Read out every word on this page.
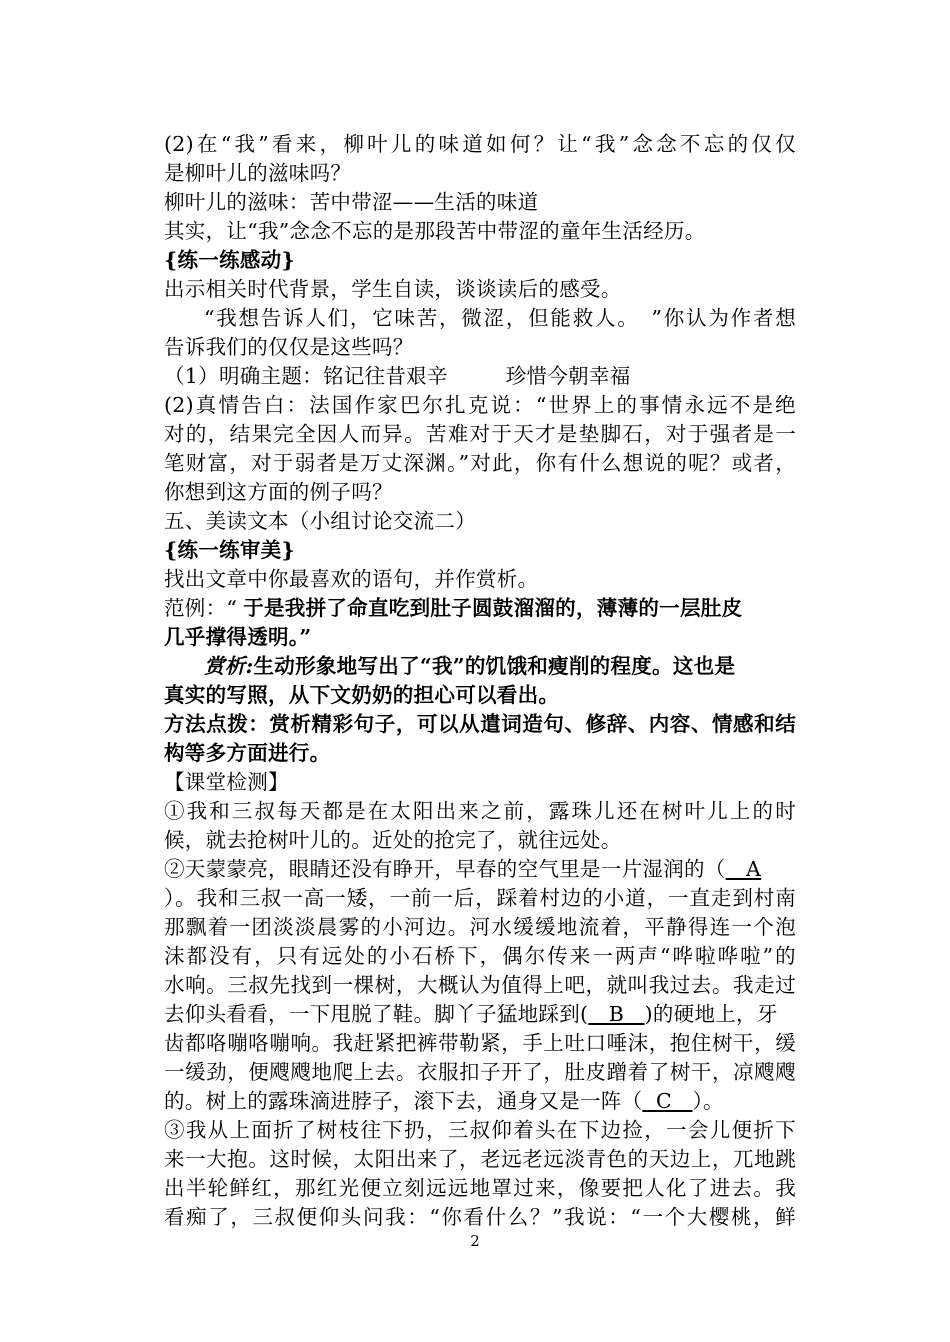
(2)在“我”看来，柳叶儿的味道如何？让“我”念念不忘的仅仅
是柳叶儿的滋味吗？
柳叶儿的滋味：苦中带涩——生活的味道
其实，让“我”念念不忘的是那段苦中带涩的童年生活经历。
{练一练感动}
出示相关时代背景，学生自读，谈谈读后的感受。
“我想告诉人们，它味苦，微涩，但能救人。　”你认为作者想
告诉我们的仅仅是这些吗？
（1）明确主题：铭记往昔艰辛	珍惜今朝幸福
(2)真情告白：法国作家巴尔扎克说：“世界上的事情永远不是绝
对的，结果完全因人而异。苦难对于天才是垫脚石，对于强者是一
笔财富，对于弱者是万丈深渊。”对此，你有什么想说的呢？或者，
你想到这方面的例子吗？
五、美读文本（小组讨论交流二）
{练一练审美}
找出文章中你最喜欢的语句，并作赏析。
范例：“ 于是我拼了命直吃到肚子圆鼓溜溜的，薄薄的一层肚皮
几乎撑得透明。”
赏析:生动形象地写出了“我”的饥饿和瘦削的程度。这也是
真实的写照，从下文奶奶的担心可以看出。
方法点拨：赏析精彩句子，可以从遣词造句、修辞、内容、情感和结
构等多方面进行。
【课堂检测】
①我和三叔每天都是在太阳出来之前，露珠儿还在树叶儿上的时
候，就去抢树叶儿的。近处的抢完了，就往远处。
②天蒙蒙亮，眼睛还没有睁开，早春的空气里是一片湿润的（   A
）。我和三叔一高一矮，一前一后，踩着村边的小道，一直走到村南
那飘着一团淡淡晨雾的小河边。河水缓缓地流着，平静得连一个泡
沫都没有，只有远处的小石桥下，偶尔传来一两声“哗啦哗啦”的
水响。三叔先找到一棵树，大概认为值得上吧，就叫我过去。我走过
去仰头看看，一下甩脱了鞋。脚丫子猛地踩到(   B   )的硬地上，牙
齿都咯嘣咯嘣响。我赶紧把裤带勒紧，手上吐口唾沫，抱住树干，缓
一缓劲，便飕飕地爬上去。衣服扣子开了，肚皮蹭着了树干，凉飕飕
的。树上的露珠滴进脖子，滚下去，通身又是一阵（  C   ）。
③我从上面折了树枝往下扔，三叔仰着头在下边捡，一会儿便折下
来一大抱。这时候，太阳出来了，老远老远淡青色的天边上，兀地跳
出半轮鲜红，那红光便立刻远远地罩过来，像要把人化了进去。我
看痴了，三叔便仰头问我：“你看什么？”我说：“一个大樱桃，鲜
2
